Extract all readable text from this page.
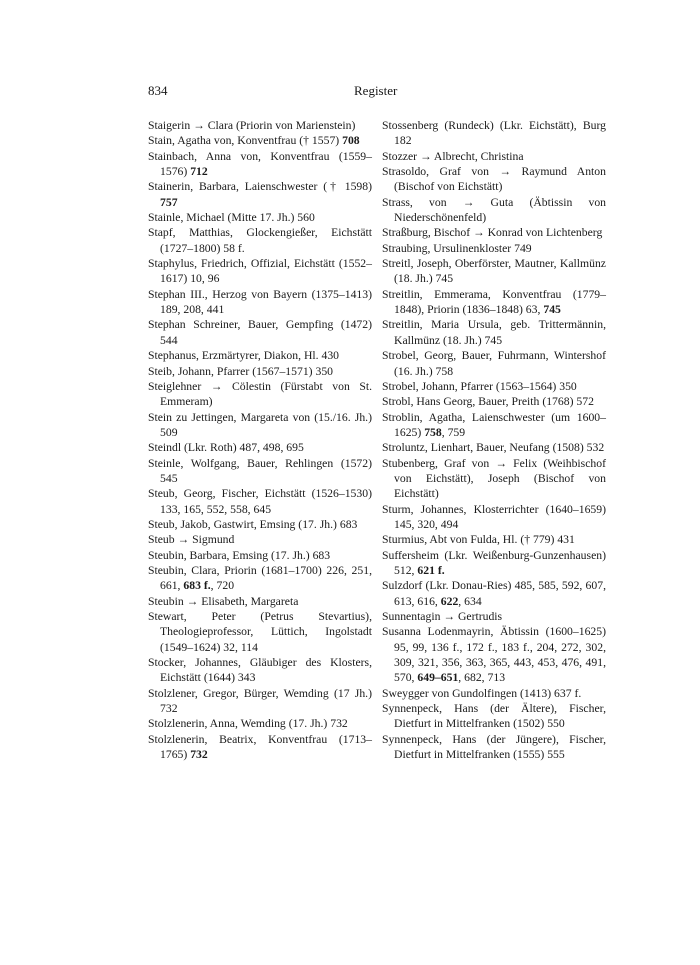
834	Register

Staigerin → Clara (Priorin von Marienstein)

Stain, Agatha von, Konventfrau († 1557) 708

Stainbach, Anna von, Konventfrau (1559–1576) 712

Stainerin, Barbara, Laienschwester († 1598) 757

Stainle, Michael (Mitte 17. Jh.) 560

Stapf, Matthias, Glockengießer, Eichstätt (1727–1800) 58 f.

Staphylus, Friedrich, Offizial, Eichstätt (1552–1617) 10, 96

Stephan III., Herzog von Bayern (1375–1413) 189, 208, 441

Stephan Schreiner, Bauer, Gempfing (1472) 544

Stephanus, Erzmärtyrer, Diakon, Hl. 430

Steib, Johann, Pfarrer (1567–1571) 350

Steiglehner → Cölestin (Fürstabt von St. Emmeram)

Stein zu Jettingen, Margareta von (15./16. Jh.) 509

Steindl (Lkr. Roth) 487, 498, 695

Steinle, Wolfgang, Bauer, Rehlingen (1572) 545

Steub, Georg, Fischer, Eichstätt (1526–1530) 133, 165, 552, 558, 645

Steub, Jakob, Gastwirt, Emsing (17. Jh.) 683

Steub → Sigmund

Steubin, Barbara, Emsing (17. Jh.) 683

Steubin, Clara, Priorin (1681–1700) 226, 251, 661, 683 f., 720

Steubin → Elisabeth, Margareta

Stewart, Peter (Petrus Stevartius), Theologieprofessor, Lüttich, Ingolstadt (1549–1624) 32, 114

Stocker, Johannes, Gläubiger des Klosters, Eichstätt (1644) 343

Stolzlener, Gregor, Bürger, Wemding (17 Jh.) 732

Stolzlenerin, Anna, Wemding (17. Jh.) 732

Stolzlenerin, Beatrix, Konventfrau (1713–1765) 732

Stossenberg (Rundeck) (Lkr. Eichstätt), Burg 182

Stozzer → Albrecht, Christina

Strasoldo, Graf von → Raymund Anton (Bischof von Eichstätt)

Strass, von → Guta (Äbtissin von Niederschönenfeld)

Straßburg, Bischof → Konrad von Lichtenberg

Straubing, Ursulinenkloster 749

Streitl, Joseph, Oberförster, Mautner, Kallmünz (18. Jh.) 745

Streitlin, Emmerama, Konventfrau (1779–1848), Priorin (1836–1848) 63, 745

Streitlin, Maria Ursula, geb. Trittermännin, Kallmünz (18. Jh.) 745

Strobel, Georg, Bauer, Fuhrmann, Wintershof (16. Jh.) 758

Strobel, Johann, Pfarrer (1563–1564) 350

Strobl, Hans Georg, Bauer, Preith (1768) 572

Stroblin, Agatha, Laienschwester (um 1600–1625) 758, 759

Stroluntz, Lienhart, Bauer, Neufang (1508) 532

Stubenberg, Graf von → Felix (Weihbischof von Eichstätt), Joseph (Bischof von Eichstätt)

Sturm, Johannes, Klosterrichter (1640–1659) 145, 320, 494

Sturmius, Abt von Fulda, Hl. († 779) 431

Suffersheim (Lkr. Weißenburg-Gunzenhausen) 512, 621 f.

Sulzdorf (Lkr. Donau-Ries) 485, 585, 592, 607, 613, 616, 622, 634

Sunnentagin → Gertrudis

Susanna Lodenmayrin, Äbtissin (1600–1625) 95, 99, 136 f., 172 f., 183 f., 204, 272, 302, 309, 321, 356, 363, 365, 443, 453, 476, 491, 570, 649–651, 682, 713

Sweygger von Gundolfingen (1413) 637 f.

Synnenpeck, Hans (der Ältere), Fischer, Dietfurt in Mittelfranken (1502) 550

Synnenpeck, Hans (der Jüngere), Fischer, Dietfurt in Mittelfranken (1555) 555
